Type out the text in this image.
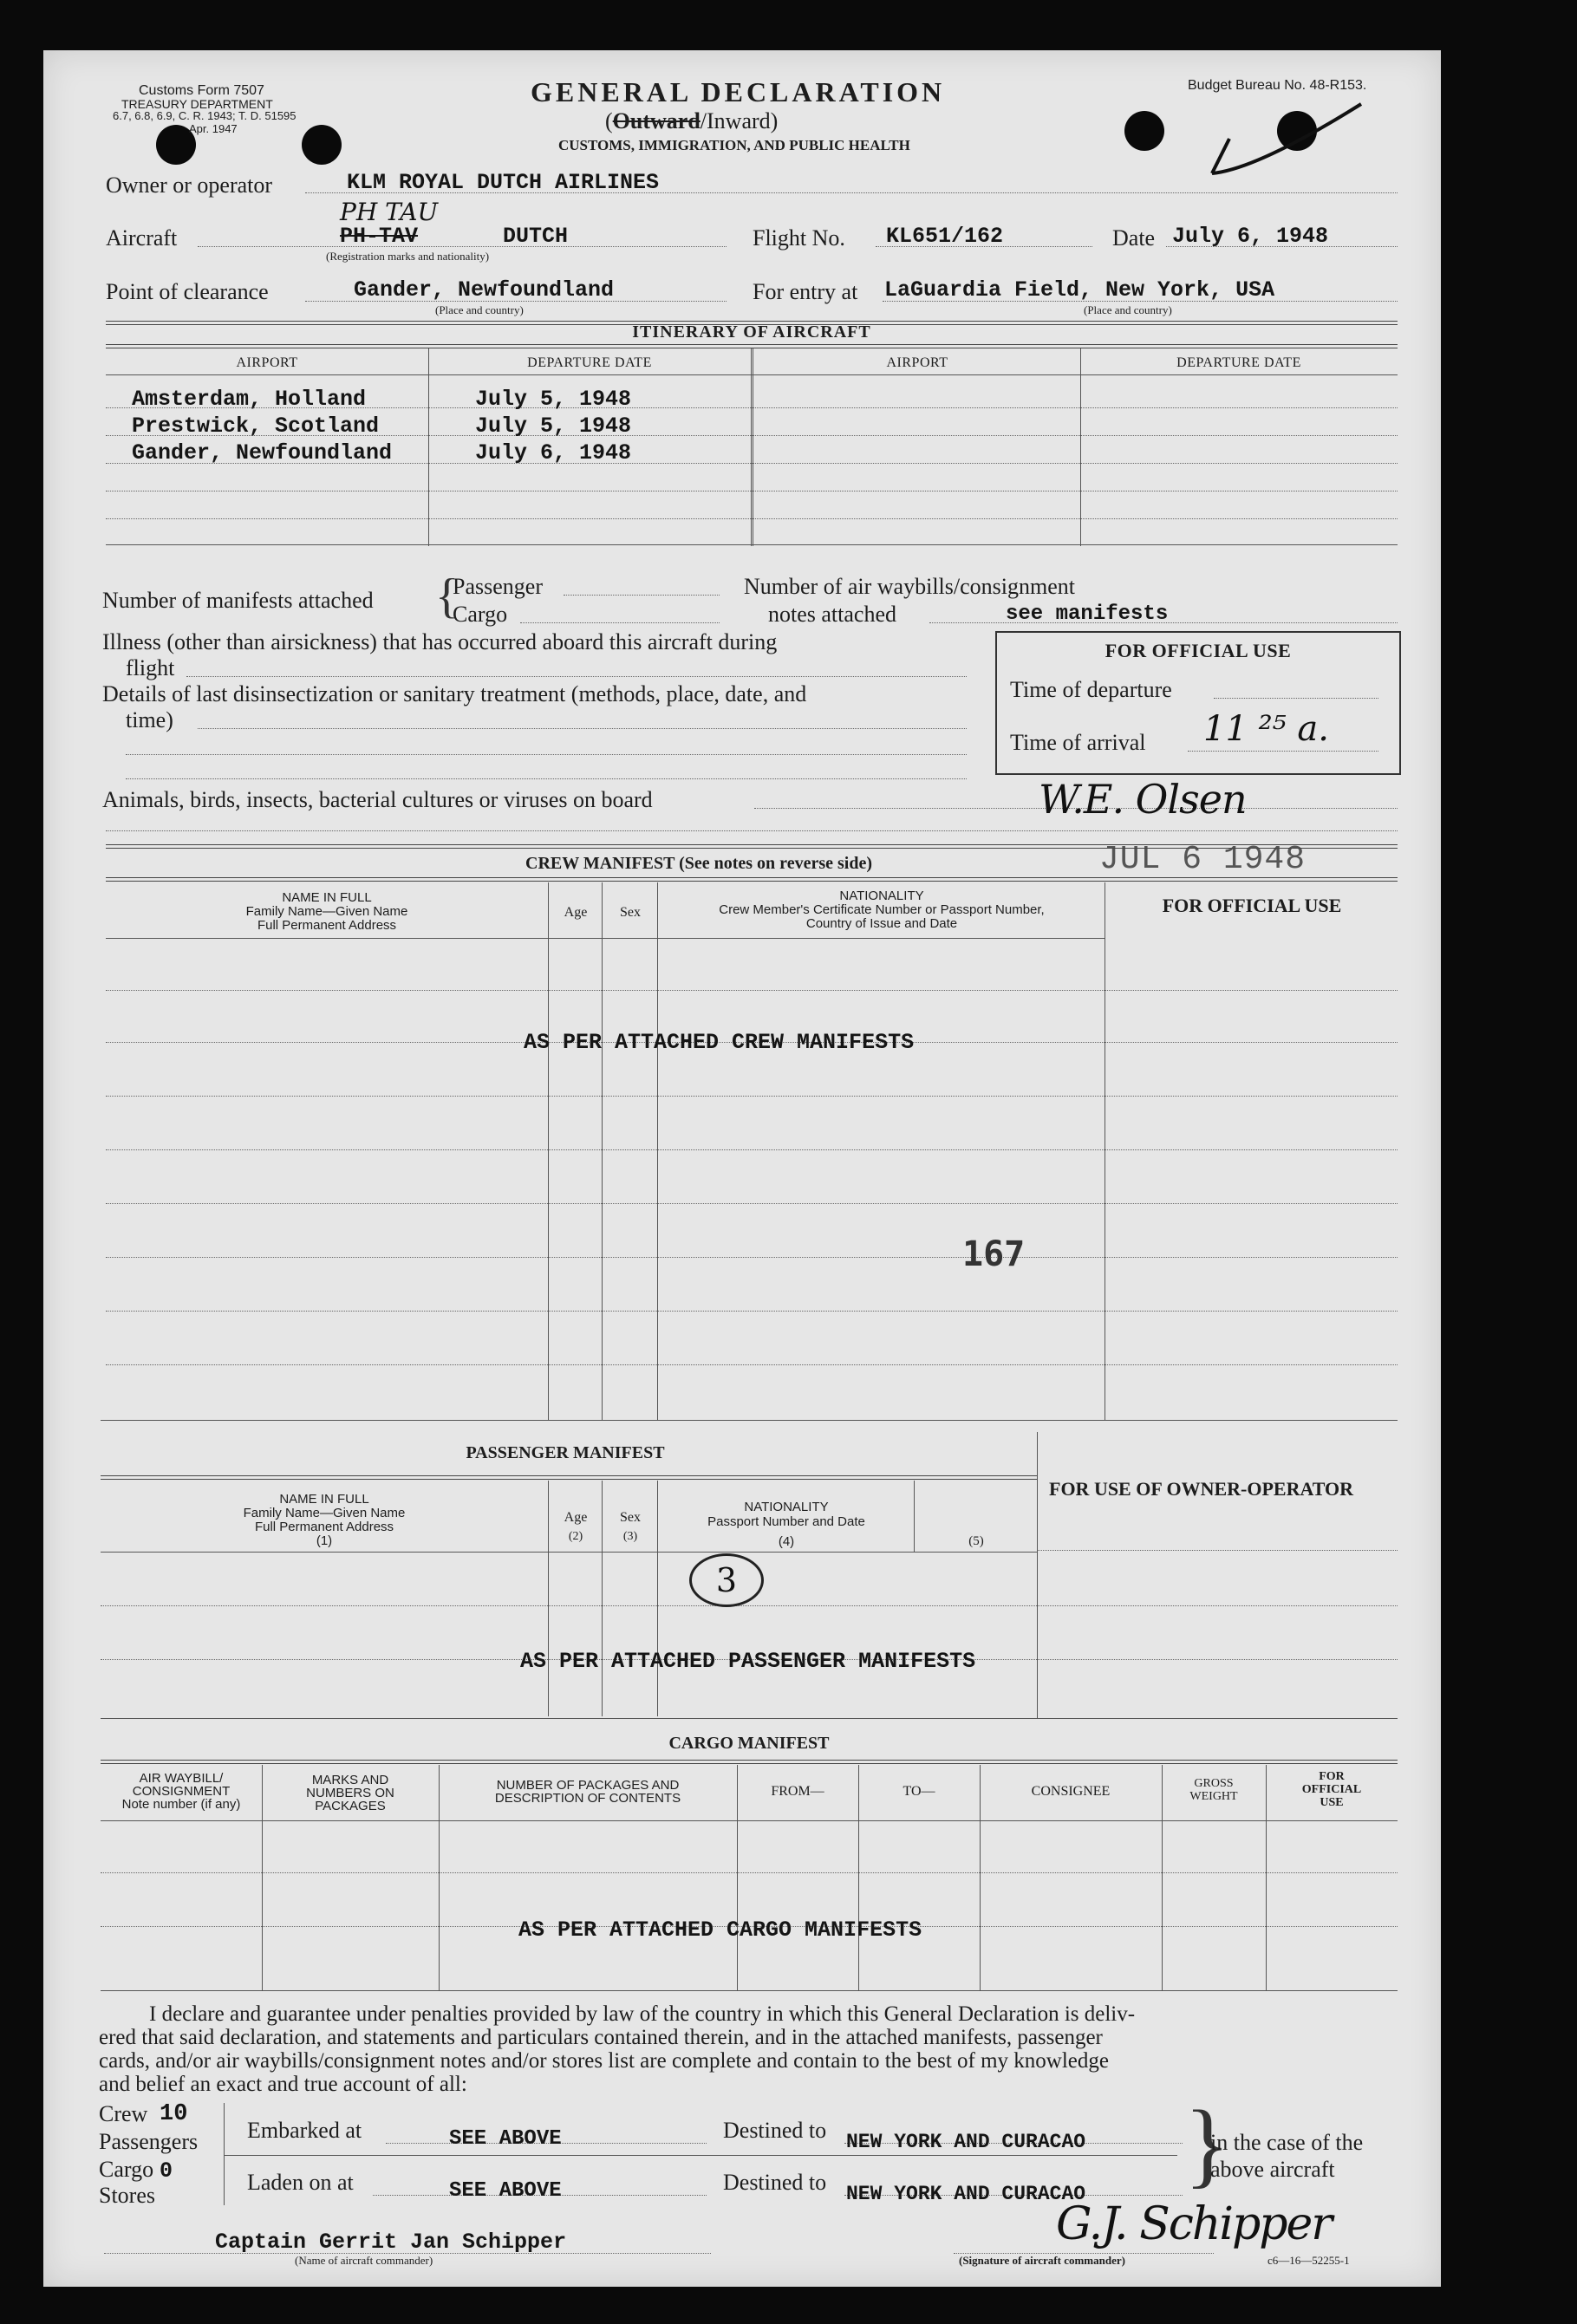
Customs Form 7507
TREASURY DEPARTMENT
6.7, 6.8, 6.9, C. R. 1943; T. D. 51595
Apr. 1947
GENERAL DECLARATION
(Outward/Inward)
CUSTOMS, IMMIGRATION, AND PUBLIC HEALTH
Budget Bureau No. 48-R153.
Owner or operator	KLM ROYAL DUTCH AIRLINES
Aircraft
PH TAU
PH-TAV	DUTCH
(Registration marks and nationality)
Flight No. KL651/162	Date July 6, 1948
Point of clearance	Gander, Newfoundland
(Place and country)
For entry at LaGuardia Field, New York, USA
(Place and country)
ITINERARY OF AIRCRAFT
AIRPORT	DEPARTURE DATE	AIRPORT	DEPARTURE DATE
Amsterdam, Holland	July 5, 1948
Prestwick, Scotland	July 5, 1948
Gander, Newfoundland	July 6, 1948
Number of manifests attached {
Passenger
Cargo
Number of air waybills/consignment
notes attached	see manifests
Illness (other than airsickness) that has occurred aboard this aircraft during
flight
Details of last disinsectization or sanitary treatment (methods, place, date, and
time)
FOR OFFICIAL USE
Time of departure
Time of arrival 11 ²⁵ a.
Animals, birds, insects, bacterial cultures or viruses on board	W.E. Olsen
JUL 6 1948
CREW MANIFEST (See notes on reverse side)
NAME IN FULL
Family Name—Given Name
Full Permanent Address
Age	Sex
NATIONALITY
Crew Member's Certificate Number or Passport Number,
Country of Issue and Date
FOR OFFICIAL USE
AS PER ATTACHED CREW MANIFESTS
167
PASSENGER MANIFEST
NAME IN FULL
Family Name—Given Name
Full Permanent Address
(1)
Age
(2)
Sex
(3)
NATIONALITY
Passport Number and Date
(4)	(5)
FOR USE OF OWNER-OPERATOR
3
AS PER ATTACHED PASSENGER MANIFESTS
CARGO MANIFEST
AIR WAYBILL/
CONSIGNMENT
Note number (if any)
MARKS AND
NUMBERS ON
PACKAGES
NUMBER OF PACKAGES AND
DESCRIPTION OF CONTENTS	FROM—	TO—	CONSIGNEE
GROSS
WEIGHT
FOR
OFFICIAL
USE
AS PER ATTACHED CARGO MANIFESTS
I declare and guarantee under penalties provided by law of the country in which this General Declaration is deliv-
ered that said declaration, and statements and particulars contained therein, and in the attached manifests, passenger
cards, and/or air waybills/consignment notes and/or stores list are complete and contain to the best of my knowledge
and belief an exact and true account of all:
Crew 10
Passengers
Cargo 0
Stores
Embarked at	SEE ABOVE
Laden on at	SEE ABOVE
Destined to NEW YORK AND CURACAO
Destined to NEW YORK AND CURACAO }
in the case of the
above aircraft
Captain Gerrit Jan Schipper
(Name of aircraft commander)
G.J. Schipper
(Signature of aircraft commander)	c6—16—52255-1
